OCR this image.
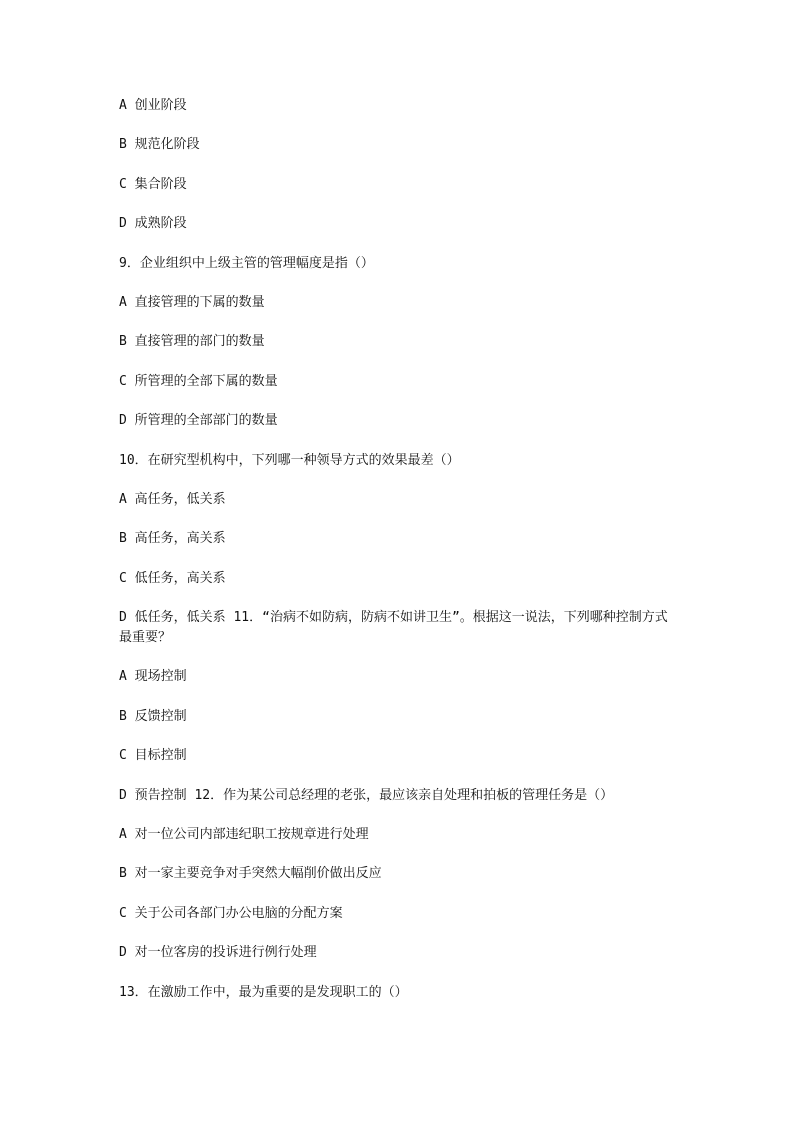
A 创业阶段
B 规范化阶段
C 集合阶段
D 成熟阶段
9．企业组织中上级主管的管理幅度是指（）
A 直接管理的下属的数量
B 直接管理的部门的数量
C 所管理的全部下属的数量
D 所管理的全部部门的数量
10．在研究型机构中，下列哪一种领导方式的效果最差（）
A 高任务，低关系
B 高任务，高关系
C 低任务，高关系
D 低任务，低关系 11．“治病不如防病，防病不如讲卫生”。根据这一说法，下列哪种控制方式最重要？
A 现场控制
B 反馈控制
C 目标控制
D 预告控制 12．作为某公司总经理的老张，最应该亲自处理和拍板的管理任务是（）
A 对一位公司内部违纪职工按规章进行处理
B 对一家主要竞争对手突然大幅削价做出反应
C 关于公司各部门办公电脑的分配方案
D 对一位客房的投诉进行例行处理
13．在激励工作中，最为重要的是发现职工的（）
